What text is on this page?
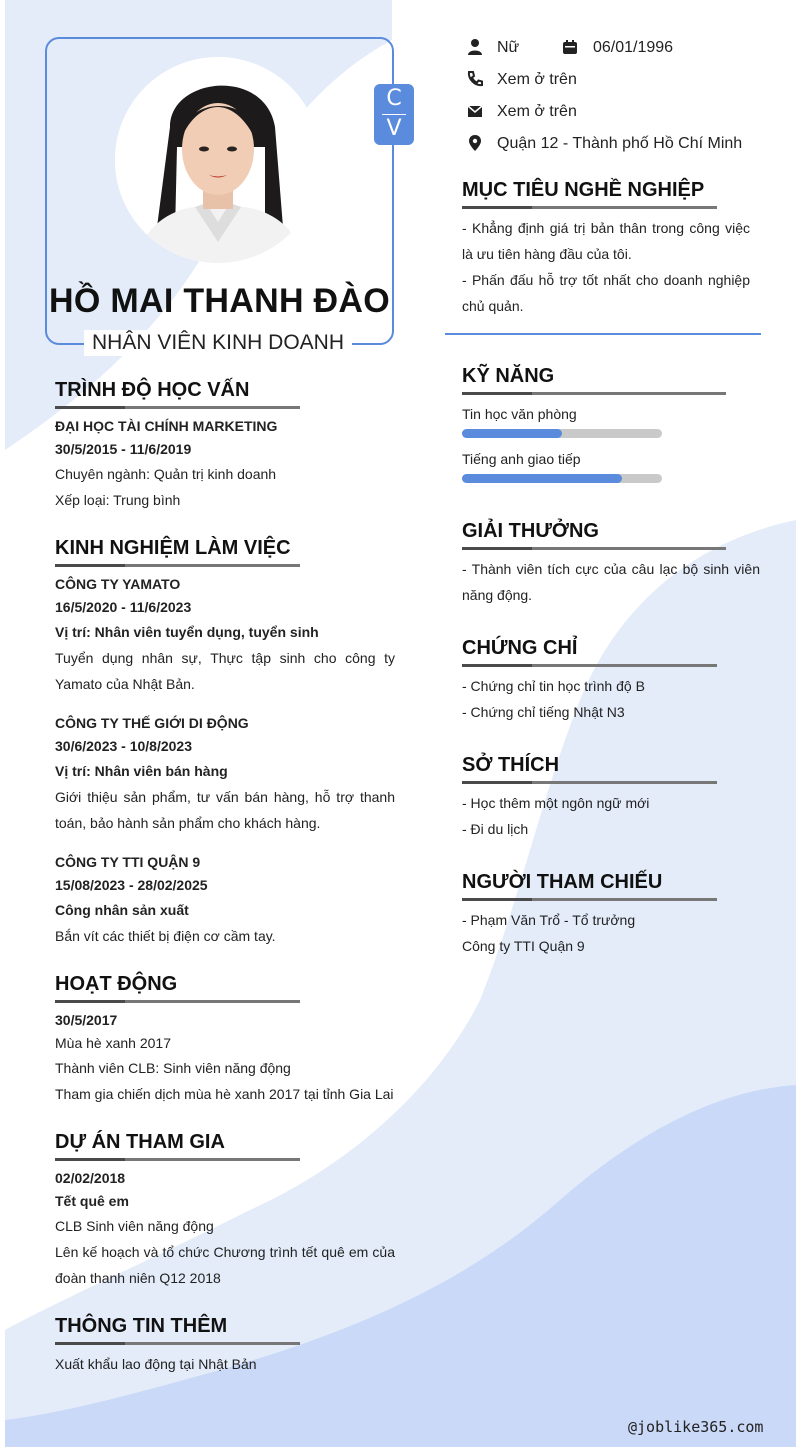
C
V
HỒ MAI THANH ĐÀO
NHÂN VIÊN KINH DOANH
Nữ	06/01/1996
Xem ở trên
Xem ở trên
Quận 12 - Thành phố Hồ Chí Minh
MỤC TIÊU NGHỀ NGHIỆP
- Khẳng định giá trị bản thân trong công việc là ưu tiên hàng đầu của tôi.
- Phấn đấu hỗ trợ tốt nhất cho doanh nghiệp chủ quản.
KỸ NĂNG
Tin học văn phòng
Tiếng anh giao tiếp
GIẢI THƯỞNG
- Thành viên tích cực của câu lạc bộ sinh viên năng động.
CHỨNG CHỈ
- Chứng chỉ tin học trình độ B
- Chứng chỉ tiếng Nhật N3
SỞ THÍCH
- Học thêm một ngôn ngữ mới
- Đi du lịch
NGƯỜI THAM CHIẾU
- Phạm Văn Trổ - Tổ trưởng
Công ty TTI Quận 9
TRÌNH ĐỘ HỌC VẤN
ĐẠI HỌC TÀI CHÍNH MARKETING
30/5/2015 - 11/6/2019
Chuyên ngành: Quản trị kinh doanh
Xếp loại: Trung bình
KINH NGHIỆM LÀM VIỆC
CÔNG TY YAMATO
16/5/2020 - 11/6/2023
Vị trí: Nhân viên tuyển dụng, tuyển sinh
Tuyển dụng nhân sự, Thực tập sinh cho công ty Yamato của Nhật Bản.
CÔNG TY THẾ GIỚI DI ĐỘNG
30/6/2023 - 10/8/2023
Vị trí: Nhân viên bán hàng
Giới thiệu sản phẩm, tư vấn bán hàng, hỗ trợ thanh toán, bảo hành sản phẩm cho khách hàng.
CÔNG TY TTI QUẬN 9
15/08/2023 - 28/02/2025
Công nhân sản xuất
Bắn vít các thiết bị điện cơ cầm tay.
HOẠT ĐỘNG
30/5/2017
Mùa hè xanh 2017
Thành viên CLB: Sinh viên năng động
Tham gia chiến dịch mùa hè xanh 2017 tại tỉnh Gia Lai
DỰ ÁN THAM GIA
02/02/2018
Tết quê em
CLB Sinh viên năng động
Lên kế hoạch và tổ chức Chương trình tết quê em của đoàn thanh niên Q12 2018
THÔNG TIN THÊM
Xuất khẩu lao động tại Nhật Bản
@joblike365.com
